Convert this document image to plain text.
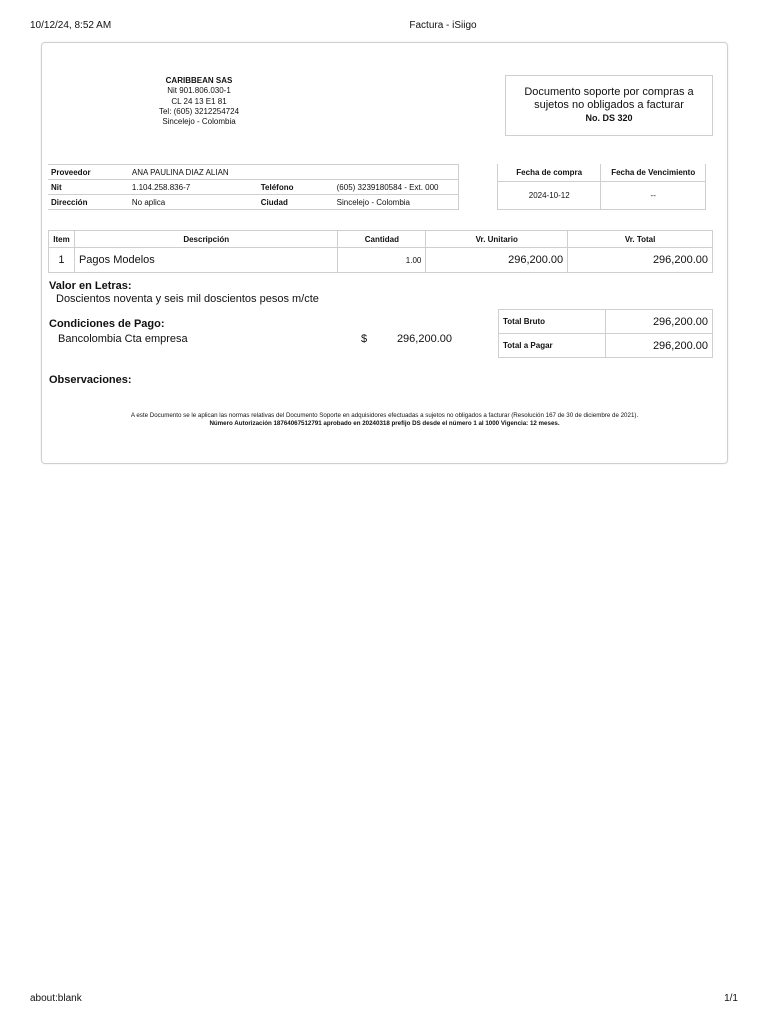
10/12/24, 8:52 AM	Factura - iSiigo
CARIBBEAN SAS
Nit 901.806.030-1
CL 24 13 E1 81
Tel: (605) 3212254724
Sincelejo - Colombia
Documento soporte por compras a sujetos no obligados a facturar
No. DS 320
Proveedor	ANA PAULINA DIAZ ALIAN		
Nit	1.104.258.836-7	Teléfono	(605) 3239180584 - Ext. 000
Dirección	No aplica	Ciudad	Sincelejo - Colombia
Fecha de compra	Fecha de Vencimiento
2024-10-12	--
Item	Descripción	Cantidad	Vr. Unitario	Vr. Total
1	Pagos Modelos	1.00	296,200.00	296,200.00
Valor en Letras:
Doscientos noventa y seis mil doscientos pesos m/cte
Condiciones de Pago:
Bancolombia Cta empresa	$	296,200.00
Total Bruto	296,200.00
Total a Pagar	296,200.00
Observaciones:
A este Documento se le aplican las normas relativas del Documento Soporte en adquisidores efectuadas a sujetos no obligados a facturar (Resolución 167 de 30 de diciembre de 2021).
Número Autorización 18764067512791 aprobado en 20240318 prefijo DS desde el número 1 al 1000 Vigencia: 12 meses.
about:blank	1/1
